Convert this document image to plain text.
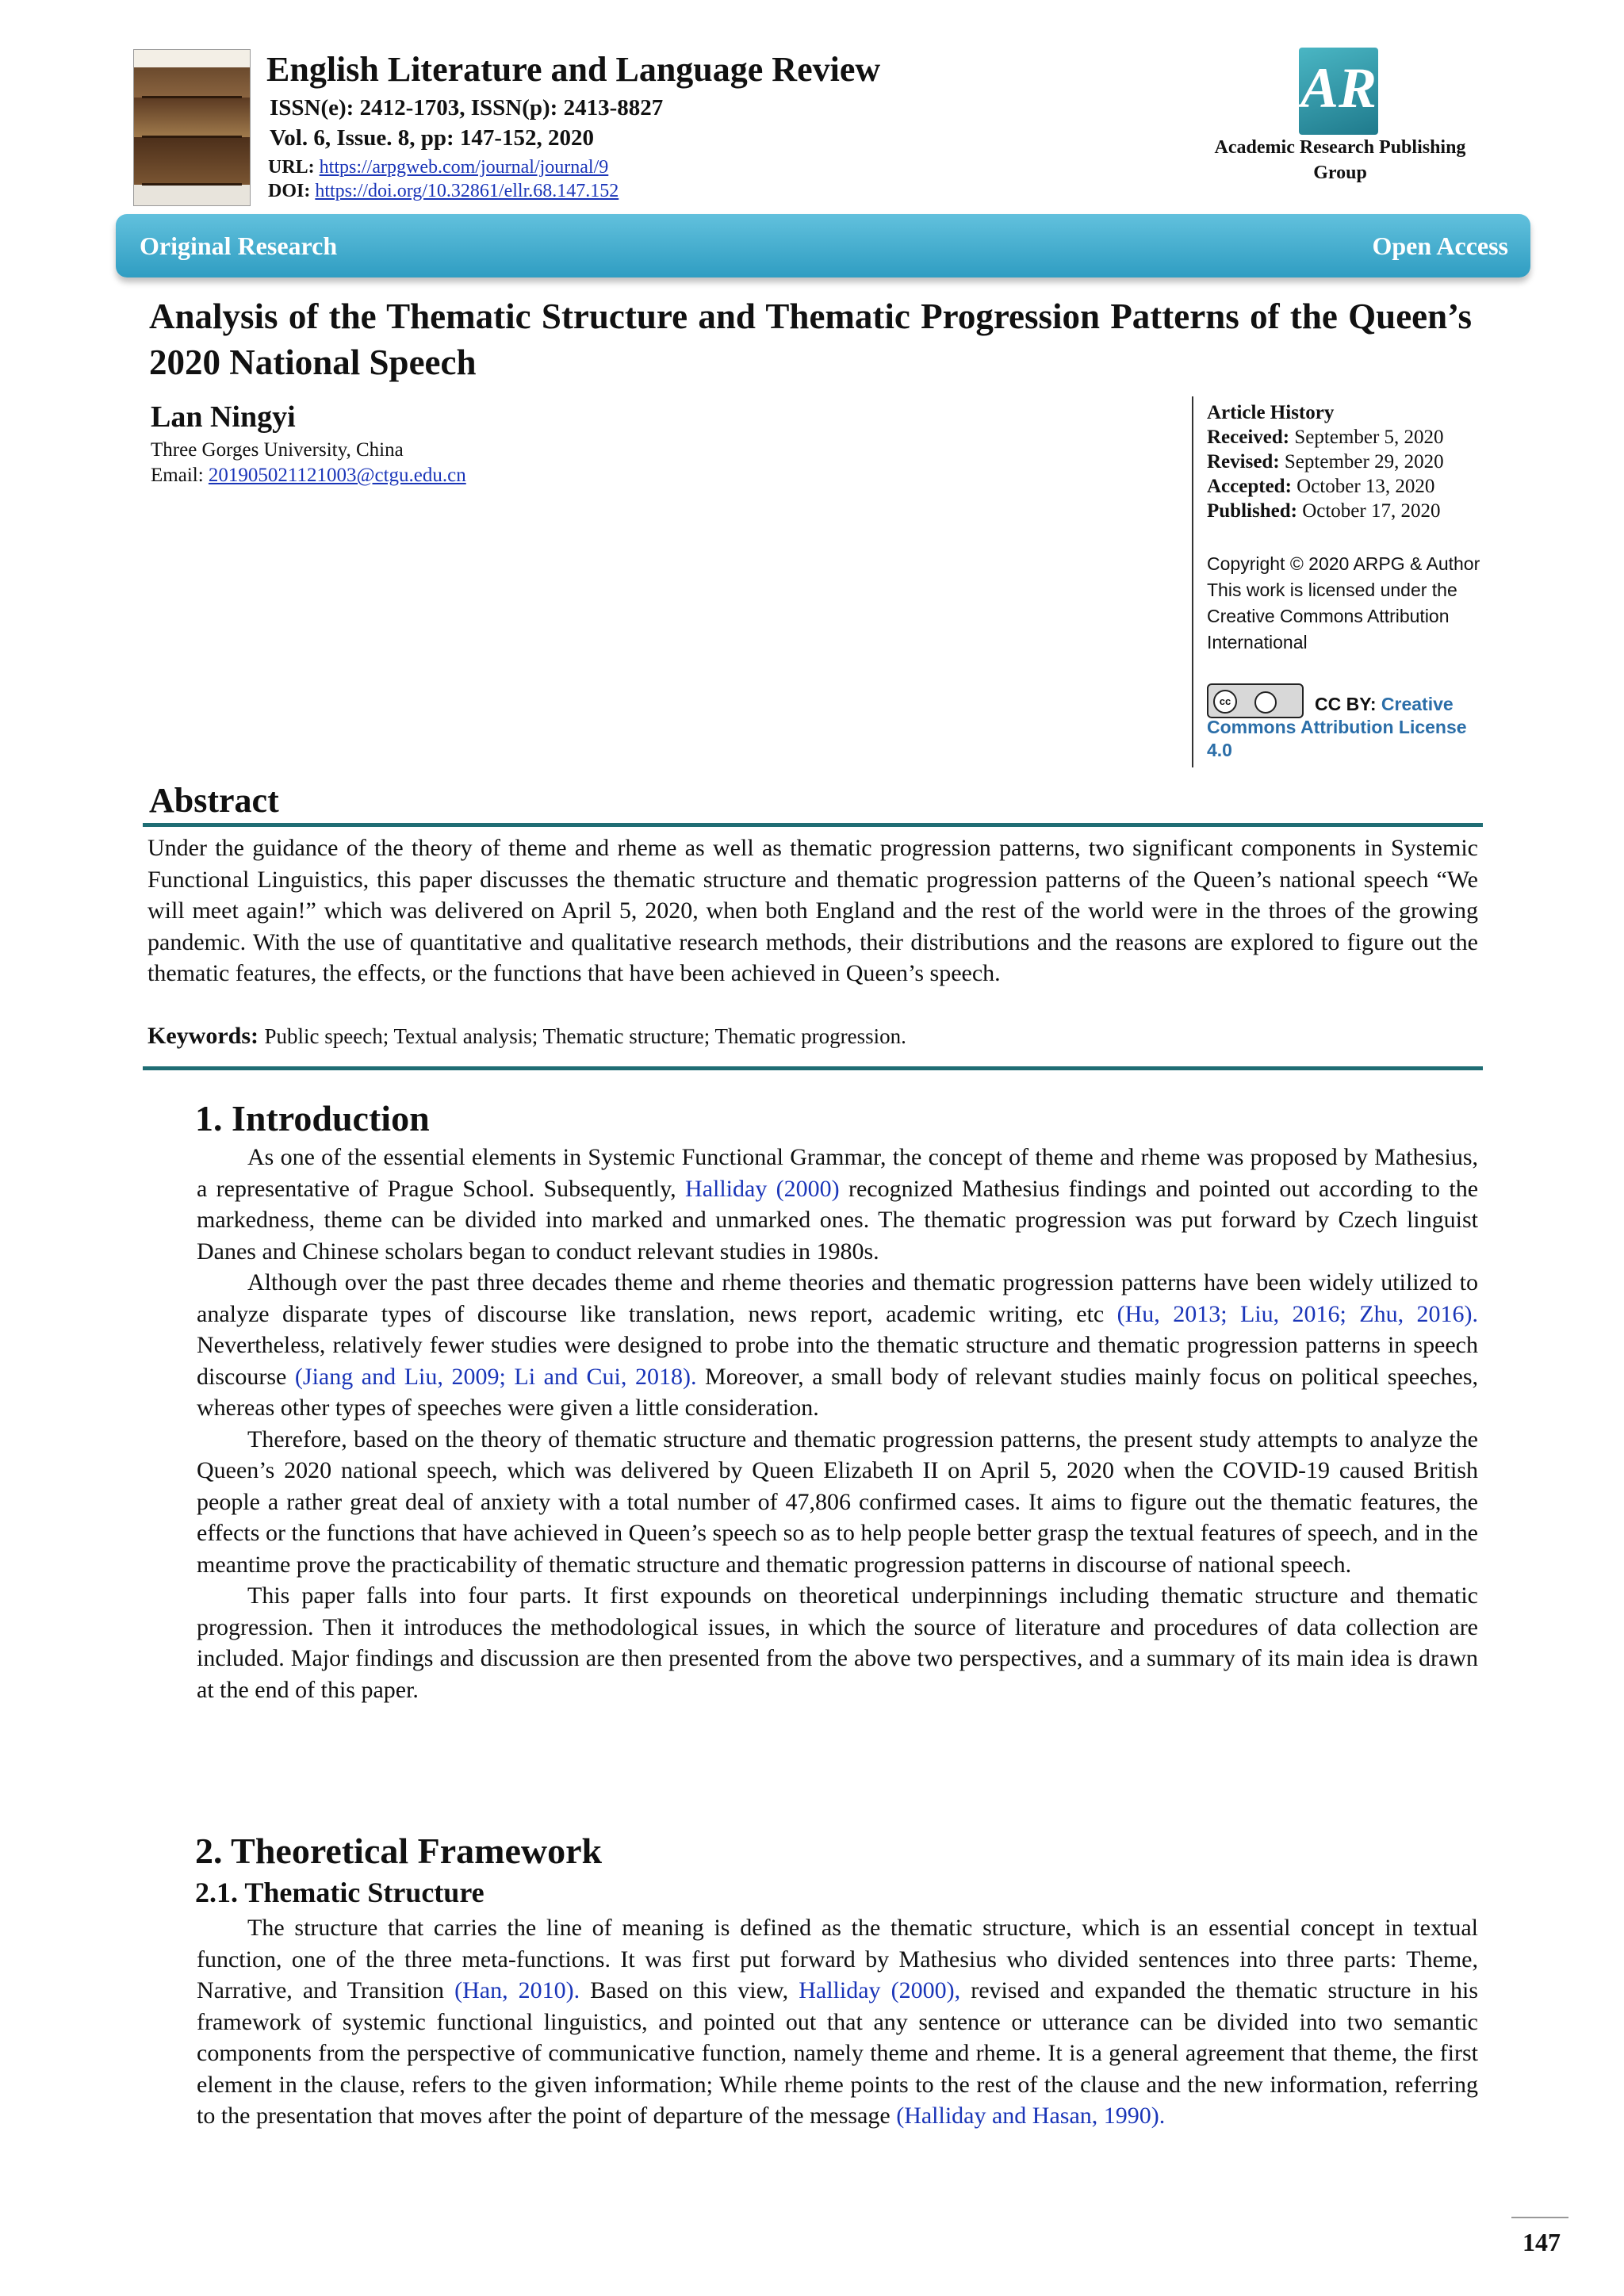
English Literature and Language Review
ISSN(e): 2412-1703, ISSN(p): 2413-8827
Vol. 6, Issue. 8, pp: 147-152, 2020
URL: https://arpgweb.com/journal/journal/9
DOI: https://doi.org/10.32861/ellr.68.147.152
AR
Academic Research Publishing Group
Original Research	Open Access
Analysis of the Thematic Structure and Thematic Progression Patterns of the Queen’s 2020 National Speech
Lan Ningyi
Three Gorges University, China
Email: 201905021121003@ctgu.edu.cn
Article History
Received: September 5, 2020
Revised: September 29, 2020
Accepted: October 13, 2020
Published: October 17, 2020
Copyright © 2020 ARPG & Author
This work is licensed under the Creative Commons Attribution International
cc	CC BY: Creative Commons Attribution License 4.0
Abstract
Under the guidance of the theory of theme and rheme as well as thematic progression patterns, two significant components in Systemic Functional Linguistics, this paper discusses the thematic structure and thematic progression patterns of the Queen’s national speech “We will meet again!” which was delivered on April 5, 2020, when both England and the rest of the world were in the throes of the growing pandemic. With the use of quantitative and qualitative research methods, their distributions and the reasons are explored to figure out the thematic features, the effects, or the functions that have been achieved in Queen’s speech.
Keywords: Public speech; Textual analysis; Thematic structure; Thematic progression.
1. Introduction

As one of the essential elements in Systemic Functional Grammar, the concept of theme and rheme was proposed by Mathesius, a representative of Prague School. Subsequently, Halliday (2000) recognized Mathesius findings and pointed out according to the markedness, theme can be divided into marked and unmarked ones. The thematic progression was put forward by Czech linguist Danes and Chinese scholars began to conduct relevant studies in 1980s.

Although over the past three decades theme and rheme theories and thematic progression patterns have been widely utilized to analyze disparate types of discourse like translation, news report, academic writing, etc (Hu, 2013; Liu, 2016; Zhu, 2016). Nevertheless, relatively fewer studies were designed to probe into the thematic structure and thematic progression patterns in speech discourse (Jiang and Liu, 2009; Li and Cui, 2018). Moreover, a small body of relevant studies mainly focus on political speeches, whereas other types of speeches were given a little consideration.

Therefore, based on the theory of thematic structure and thematic progression patterns, the present study attempts to analyze the Queen’s 2020 national speech, which was delivered by Queen Elizabeth II on April 5, 2020 when the COVID-19 caused British people a rather great deal of anxiety with a total number of 47,806 confirmed cases. It aims to figure out the thematic features, the effects or the functions that have achieved in Queen’s speech so as to help people better grasp the textual features of speech, and in the meantime prove the practicability of thematic structure and thematic progression patterns in discourse of national speech.

This paper falls into four parts. It first expounds on theoretical underpinnings including thematic structure and thematic progression. Then it introduces the methodological issues, in which the source of literature and procedures of data collection are included. Major findings and discussion are then presented from the above two perspectives, and a summary of its main idea is drawn at the end of this paper.

2. Theoretical Framework
2.1. Thematic Structure

The structure that carries the line of meaning is defined as the thematic structure, which is an essential concept in textual function, one of the three meta-functions. It was first put forward by Mathesius who divided sentences into three parts: Theme, Narrative, and Transition (Han, 2010). Based on this view, Halliday (2000), revised and expanded the thematic structure in his framework of systemic functional linguistics, and pointed out that any sentence or utterance can be divided into two semantic components from the perspective of communicative function, namely theme and rheme. It is a general agreement that theme, the first element in the clause, refers to the given information; While rheme points to the rest of the clause and the new information, referring to the presentation that moves after the point of departure of the message (Halliday and Hasan, 1990).

147
